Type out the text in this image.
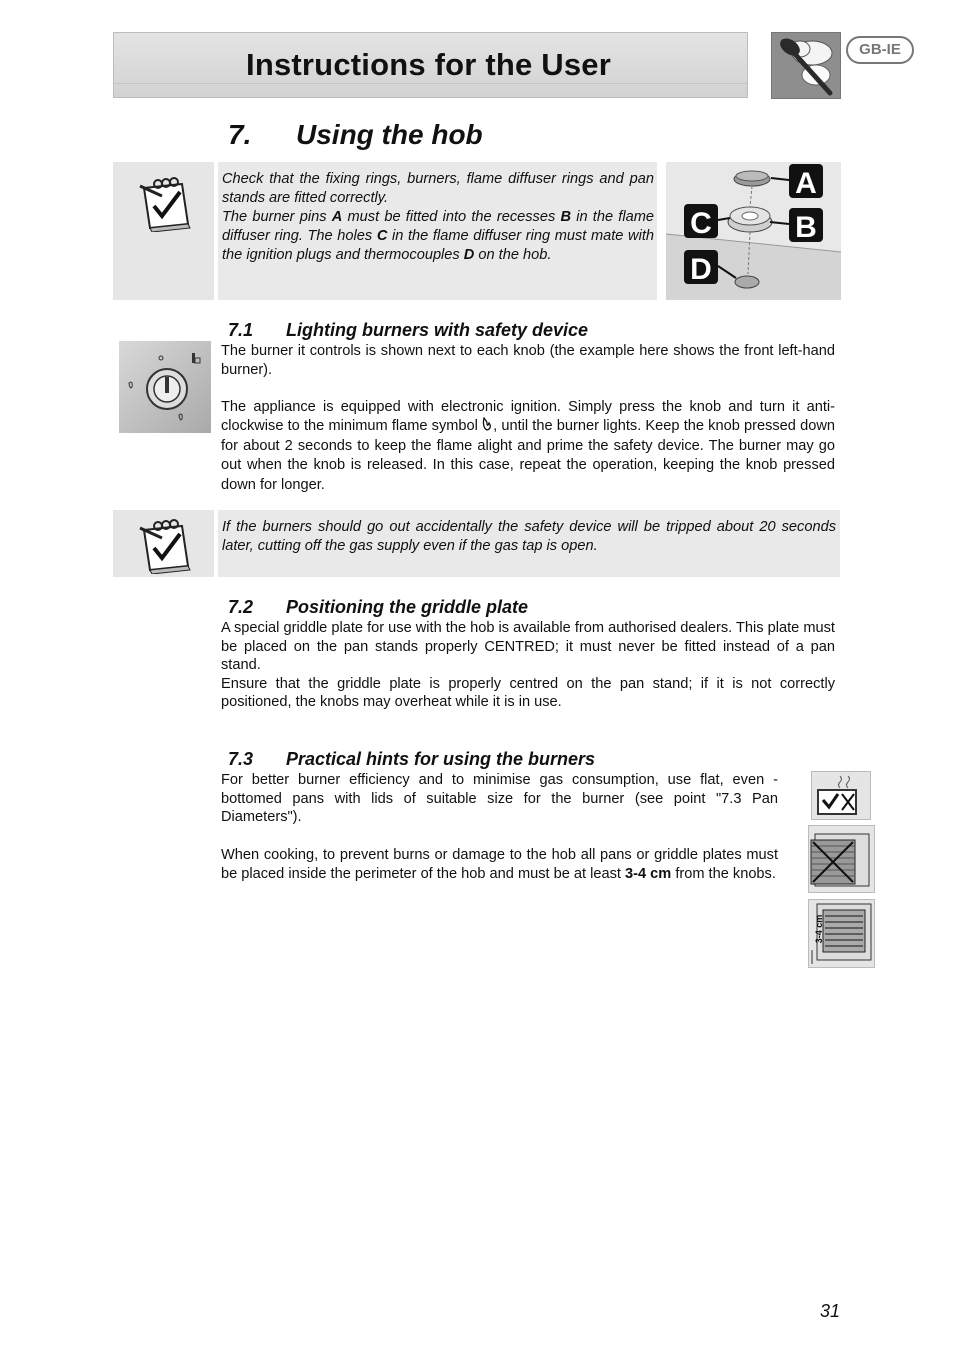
Instructions for the User	GB-IE
7. Using the hob
Check that the fixing rings, burners, flame diffuser rings and pan stands are fitted correctly.
The burner pins A must be fitted into the recesses B in the flame diffuser ring. The holes C in the flame diffuser ring must mate with the ignition plugs and thermocouples D on the hob.
A
B
C
D
7.1 Lighting burners with safety device
The burner it controls is shown next to each knob (the example here shows the front left-hand burner).
The appliance is equipped with electronic ignition. Simply press the knob and turn it anti-clockwise to the minimum flame symbol , until the burner lights. Keep the knob pressed down for about 2 seconds to keep the flame alight and prime the safety device. The burner may go out when the knob is released. In this case, repeat the operation, keeping the knob pressed down for longer.
If the burners should go out accidentally the safety device will be tripped about 20 seconds later, cutting off the gas supply even if the gas tap is open.
7.2 Positioning the griddle plate
A special griddle plate for use with the hob is available from authorised dealers. This plate must be placed on the pan stands properly CENTRED; it must never be fitted instead of a pan stand.
Ensure that the griddle plate is properly centred on the pan stand; if it is not correctly positioned, the knobs may overheat while it is in use.
7.3 Practical hints for using the burners
For better burner efficiency and to minimise gas consumption, use flat, even - bottomed pans with lids of suitable size for the burner (see point "7.3 Pan Diameters").
When cooking, to prevent burns or damage to the hob all pans or griddle plates must be placed inside the perimeter of the hob and must be at least 3-4 cm from the knobs.
3-4 cm
31
